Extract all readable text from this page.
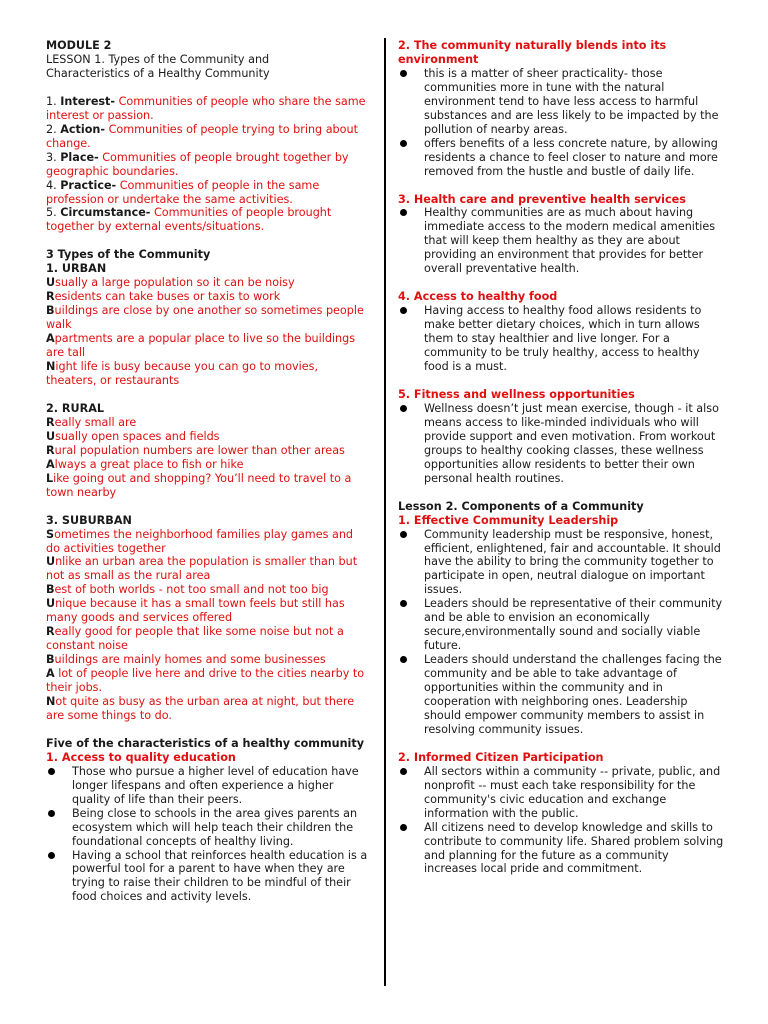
MODULE 2
LESSON 1. Types of the Community and
Characteristics of a Healthy Community
1. Interest- Communities of people who share the same interest or passion.
2. Action- Communities of people trying to bring about change.
3. Place- Communities of people brought together by geographic boundaries.
4. Practice- Communities of people in the same profession or undertake the same activities.
5. Circumstance- Communities of people brought together by external events/situations.
3 Types of the Community
1. URBAN
Usually a large population so it can be noisy
Residents can take buses or taxis to work
Buildings are close by one another so sometimes people walk
Apartments are a popular place to live so the buildings are tall
Night life is busy because you can go to movies, theaters, or restaurants
2. RURAL
Really small are
Usually open spaces and fields
Rural population numbers are lower than other areas
Always a great place to fish or hike
Like going out and shopping? You’ll need to travel to a town nearby
3. SUBURBAN
Sometimes the neighborhood families play games and do activities together
Unlike an urban area the population is smaller than but not as small as the rural area
Best of both worlds - not too small and not too big
Unique because it has a small town feels but still has many goods and services offered
Really good for people that like some noise but not a constant noise
Buildings are mainly homes and some businesses
A lot of people live here and drive to the cities nearby to their jobs.
Not quite as busy as the urban area at night, but there are some things to do.
Five of the characteristics of a healthy community
1. Access to quality education
Those who pursue a higher level of education have longer lifespans and often experience a higher quality of life than their peers.
Being close to schools in the area gives parents an ecosystem which will help teach their children the foundational concepts of healthy living.
Having a school that reinforces health education is a powerful tool for a parent to have when they are trying to raise their children to be mindful of their food choices and activity levels.
2. The community naturally blends into its environment
this is a matter of sheer practicality- those communities more in tune with the natural environment tend to have less access to harmful substances and are less likely to be impacted by the pollution of nearby areas.
offers benefits of a less concrete nature, by allowing residents a chance to feel closer to nature and more removed from the hustle and bustle of daily life.
3. Health care and preventive health services
Healthy communities are as much about having immediate access to the modern medical amenities that will keep them healthy as they are about providing an environment that provides for better overall preventative health.
4. Access to healthy food
Having access to healthy food allows residents to make better dietary choices, which in turn allows them to stay healthier and live longer. For a community to be truly healthy, access to healthy food is a must.
5. Fitness and wellness opportunities
Wellness doesn’t just mean exercise, though - it also means access to like-minded individuals who will provide support and even motivation. From workout groups to healthy cooking classes, these wellness opportunities allow residents to better their own personal health routines.
Lesson 2. Components of a Community
1. Effective Community Leadership
Community leadership must be responsive, honest, efficient, enlightened, fair and accountable. It should have the ability to bring the community together to participate in open, neutral dialogue on important issues.
Leaders should be representative of their community and be able to envision an economically secure,environmentally sound and socially viable future.
Leaders should understand the challenges facing the community and be able to take advantage of opportunities within the community and in cooperation with neighboring ones. Leadership should empower community members to assist in resolving community issues.
2. Informed Citizen Participation
All sectors within a community -- private, public, and nonprofit -- must each take responsibility for the community's civic education and exchange information with the public.
All citizens need to develop knowledge and skills to contribute to community life. Shared problem solving and planning for the future as a community increases local pride and commitment.
